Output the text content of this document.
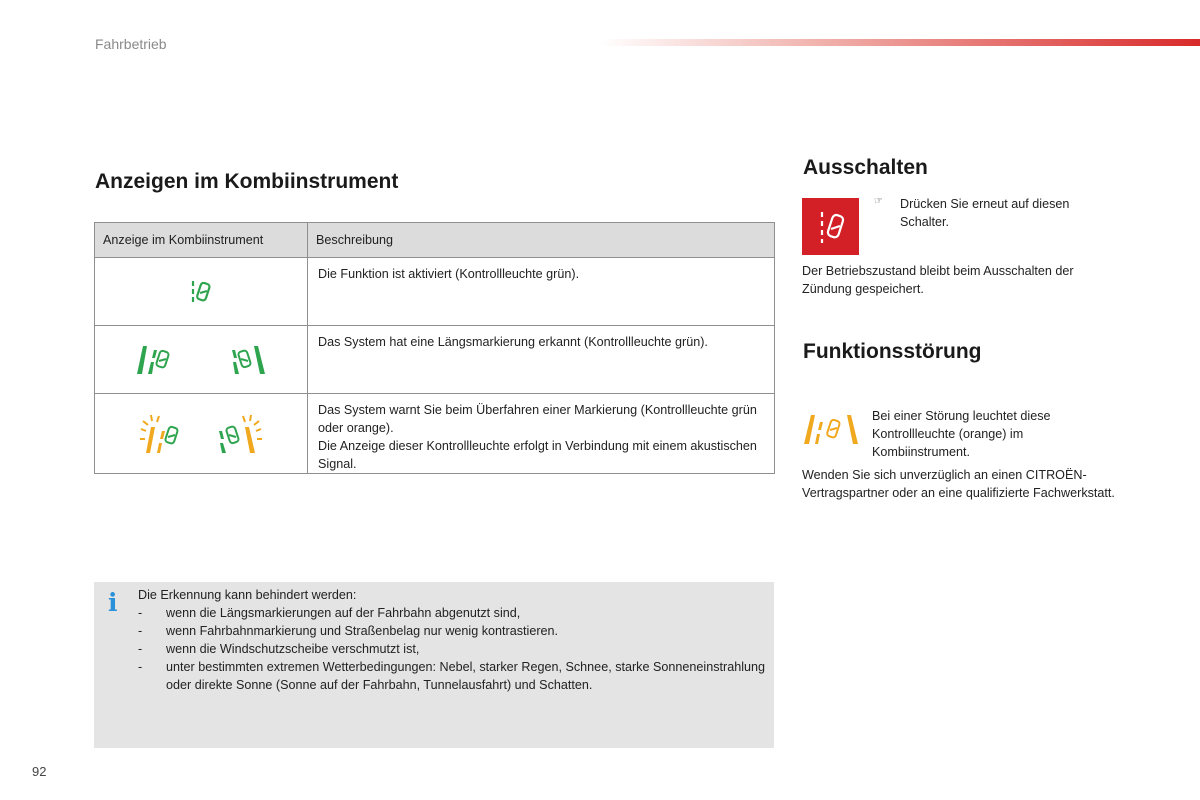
Fahrbetrieb
Anzeigen im Kombiinstrument
Anzeige im Kombiinstrument	Beschreibung
	Die Funktion ist aktiviert (Kontrollleuchte grün).
	Das System hat eine Längsmarkierung erkannt (Kontrollleuchte grün).
	Das System warnt Sie beim Überfahren einer Markierung (Kontrollleuchte grün oder orange).
Die Anzeige dieser Kontrollleuchte erfolgt in Verbindung mit einem akustischen Signal.
i Die Erkennung kann behindert werden:
-	wenn die Längsmarkierungen auf der Fahrbahn abgenutzt sind,
-	wenn Fahrbahnmarkierung und Straßenbelag nur wenig kontrastieren.
-	wenn die Windschutzscheibe verschmutzt ist,
-	unter bestimmten extremen Wetterbedingungen: Nebel, starker Regen, Schnee, starke Sonneneinstrahlung oder direkte Sonne (Sonne auf der Fahrbahn, Tunnelausfahrt) und Schatten.
Ausschalten
☞ Drücken Sie erneut auf diesen Schalter.
Der Betriebszustand bleibt beim Ausschalten der Zündung gespeichert.
Funktionsstörung
Bei einer Störung leuchtet diese Kontrollleuchte (orange) im Kombiinstrument.
Wenden Sie sich unverzüglich an einen CITROËN-Vertragspartner oder an eine qualifizierte Fachwerkstatt.
92
